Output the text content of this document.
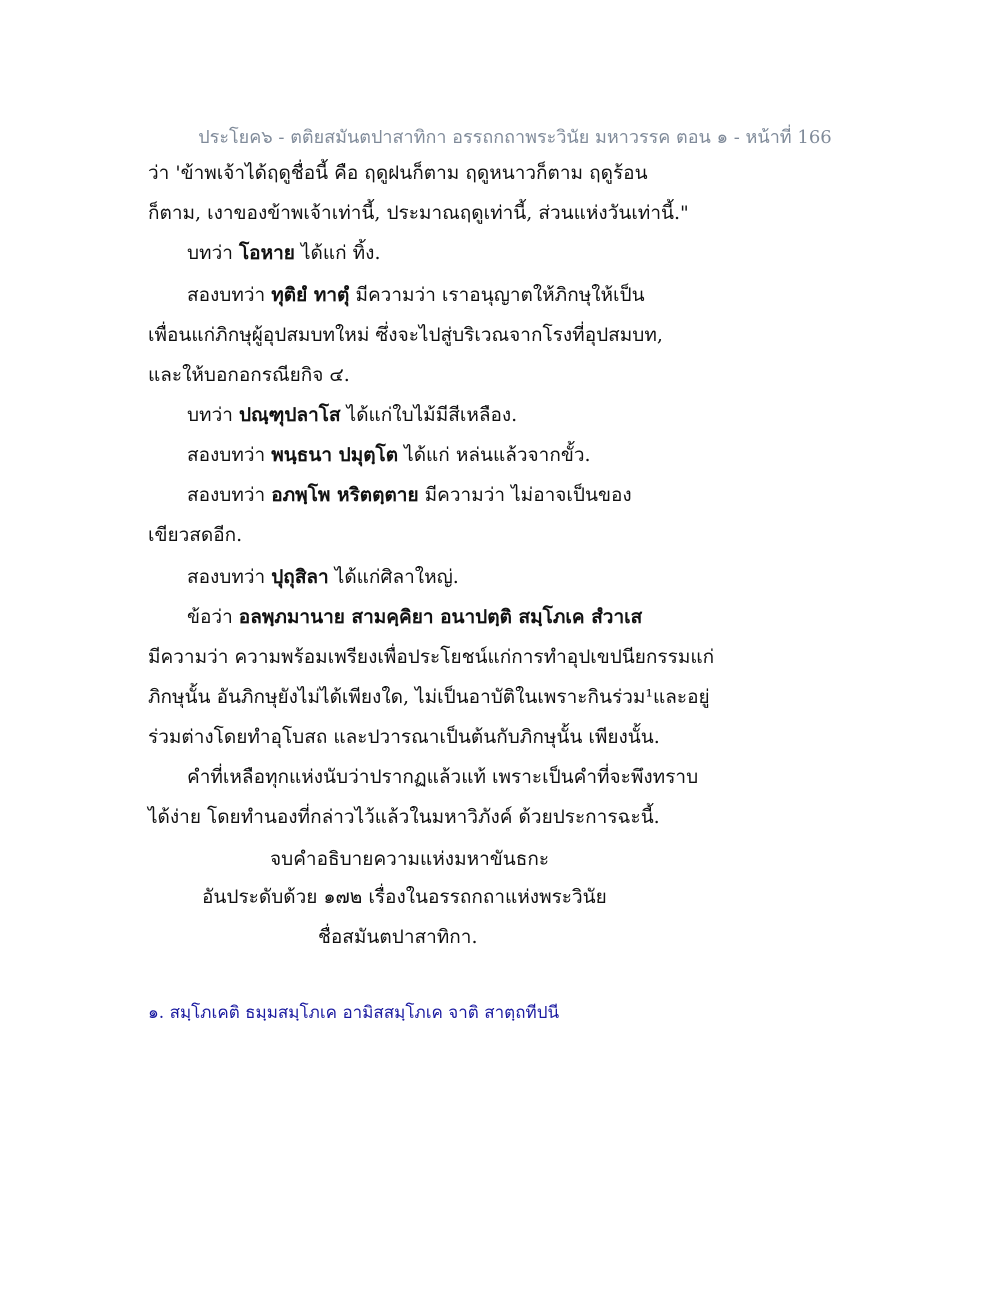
ประโยค๖ - ตติยสมันตปาสาทิกา อรรถกถาพระวินัย มหาวรรค ตอน ๑ - หน้าที่ 166
ว่า 'ข้าพเจ้าได้ฤดูชื่อนี้ คือ ฤดูฝนก็ตาม ฤดูหนาวก็ตาม ฤดูร้อน
ก็ตาม, เงาของข้าพเจ้าเท่านี้, ประมาณฤดูเท่านี้, ส่วนแห่งวันเท่านี้."
บทว่า โอหาย ได้แก่ ทิ้ง.
สองบทว่า ทุติยํ ทาตุํ มีความว่า เราอนุญาตให้ภิกษุให้เป็น
เพื่อนแก่ภิกษุผู้อุปสมบทใหม่ ซึ่งจะไปสู่บริเวณจากโรงที่อุปสมบท,
และให้บอกอกรณียกิจ ๔.
บทว่า ปณฺฑุปลาโส ได้แก่ใบไม้มีสีเหลือง.
สองบทว่า พนฺธนา ปมุตฺโต ได้แก่ หล่นแล้วจากขั้ว.
สองบทว่า อภพฺโพ หริตตฺตาย มีความว่า ไม่อาจเป็นของ
เขียวสดอีก.
สองบทว่า ปุถุสิลา ได้แก่ศิลาใหญ่.
ข้อว่า อลพฺภมานาย สามคฺคิยา อนาปตฺติ สมฺโภเค สํวาเส
มีความว่า ความพร้อมเพรียงเพื่อประโยชน์แก่การทำอุปเขปนียกรรมแก่
ภิกษุนั้น อันภิกษุยังไม่ได้เพียงใด, ไม่เป็นอาบัติในเพราะกินร่วม¹และอยู่
ร่วมต่างโดยทำอุโบสถ และปวารณาเป็นต้นกับภิกษุนั้น เพียงนั้น.
คำที่เหลือทุกแห่งนับว่าปรากฏแล้วแท้ เพราะเป็นคำที่จะพึงทราบ
ได้ง่าย โดยทำนองที่กล่าวไว้แล้วในมหาวิภังค์ ด้วยประการฉะนี้.
จบคำอธิบายความแห่งมหาขันธกะ
อันประดับด้วย ๑๗๒ เรื่องในอรรถกถาแห่งพระวินัย
ชื่อสมันตปาสาทิกา.
๑. สมฺโภเคติ ธมฺมสมฺโภเค อามิสสมฺโภเค จาติ สาตฺถทีปนี
